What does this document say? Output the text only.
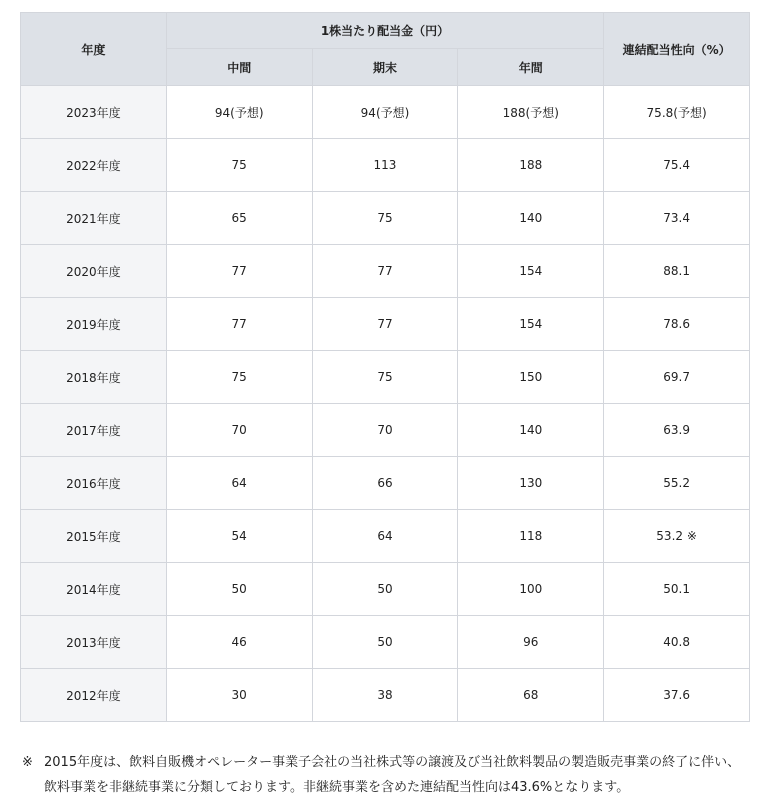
年度	1株当たり配当金（円）			連結配当性向（%）
	中間	期末	年間	
2023年度	94(予想)	94(予想)	188(予想)	75.8(予想)
2022年度	75	113	188	75.4
2021年度	65	75	140	73.4
2020年度	77	77	154	88.1
2019年度	77	77	154	78.6
2018年度	75	75	150	69.7
2017年度	70	70	140	63.9
2016年度	64	66	130	55.2
2015年度	54	64	118	53.2 ※
2014年度	50	50	100	50.1
2013年度	46	50	96	40.8
2012年度	30	38	68	37.6
※ 2015年度は、飲料自販機オペレーター事業子会社の当社株式等の譲渡及び当社飲料製品の製造販売事業の終了に伴い、飲料事業を非継続事業に分類しております。非継続事業を含めた連結配当性向は43.6%となります。
